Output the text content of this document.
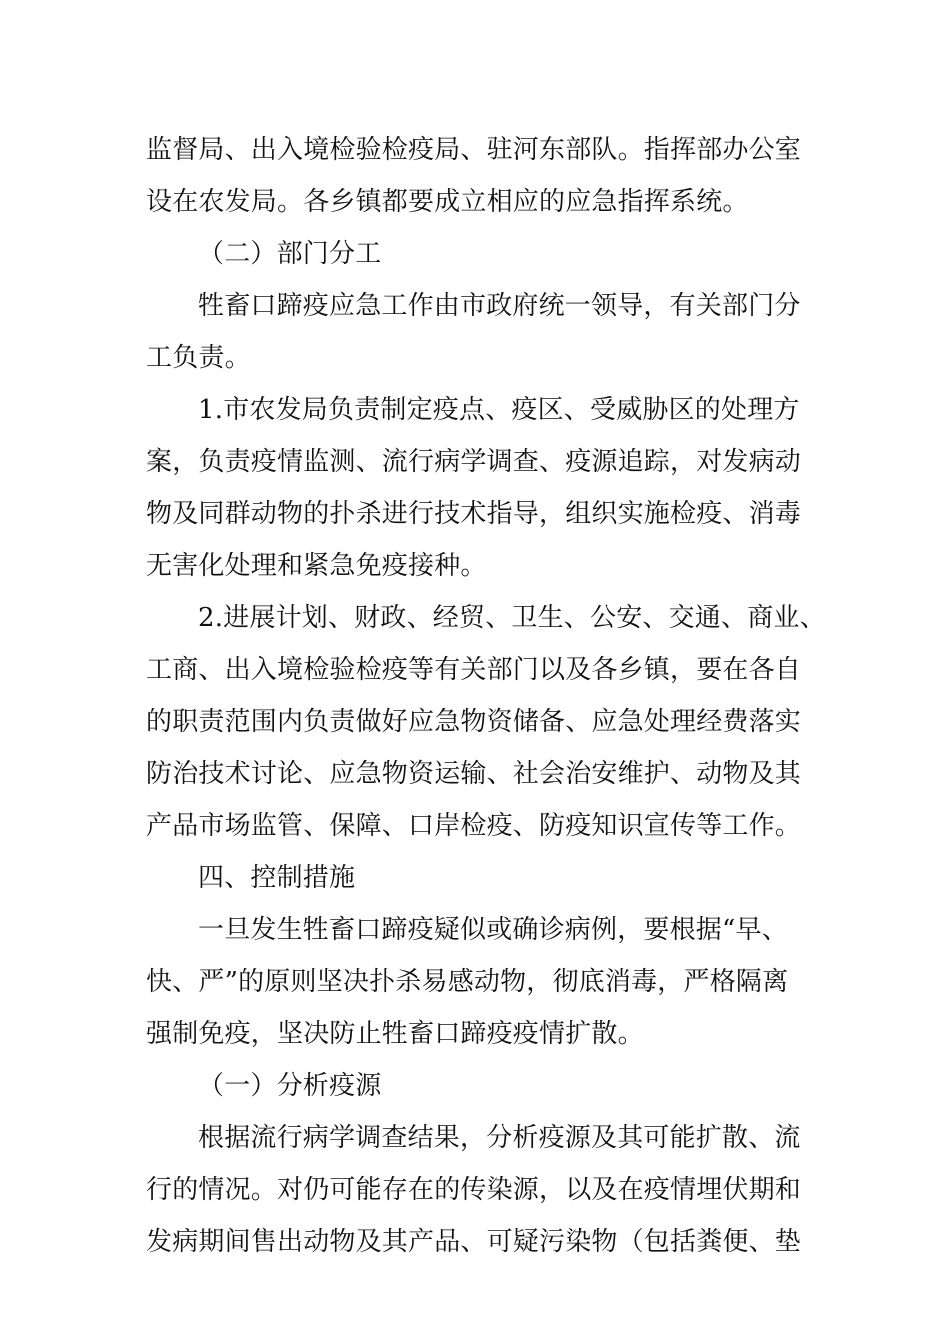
监督局、出入境检验检疫局、驻河东部队。指挥部办公室
设在农发局。各乡镇都要成立相应的应急指挥系统。
（二）部门分工
牲畜口蹄疫应急工作由市政府统一领导，有关部门分
工负责。
1.市农发局负责制定疫点、疫区、受威胁区的处理方
案，负责疫情监测、流行病学调查、疫源追踪，对发病动
物及同群动物的扑杀进行技术指导，组织实施检疫、消毒
无害化处理和紧急免疫接种。
2.进展计划、财政、经贸、卫生、公安、交通、商业、
工商、出入境检验检疫等有关部门以及各乡镇，要在各自
的职责范围内负责做好应急物资储备、应急处理经费落实
防治技术讨论、应急物资运输、社会治安维护、动物及其
产品市场监管、保障、口岸检疫、防疫知识宣传等工作。
四、控制措施
一旦发生牲畜口蹄疫疑似或确诊病例，要根据“早、
快、严”的原则坚决扑杀易感动物，彻底消毒，严格隔离
强制免疫，坚决防止牲畜口蹄疫疫情扩散。
（一）分析疫源
根据流行病学调查结果，分析疫源及其可能扩散、流
行的情况。对仍可能存在的传染源，以及在疫情埋伏期和
发病期间售出动物及其产品、可疑污染物（包括粪便、垫
